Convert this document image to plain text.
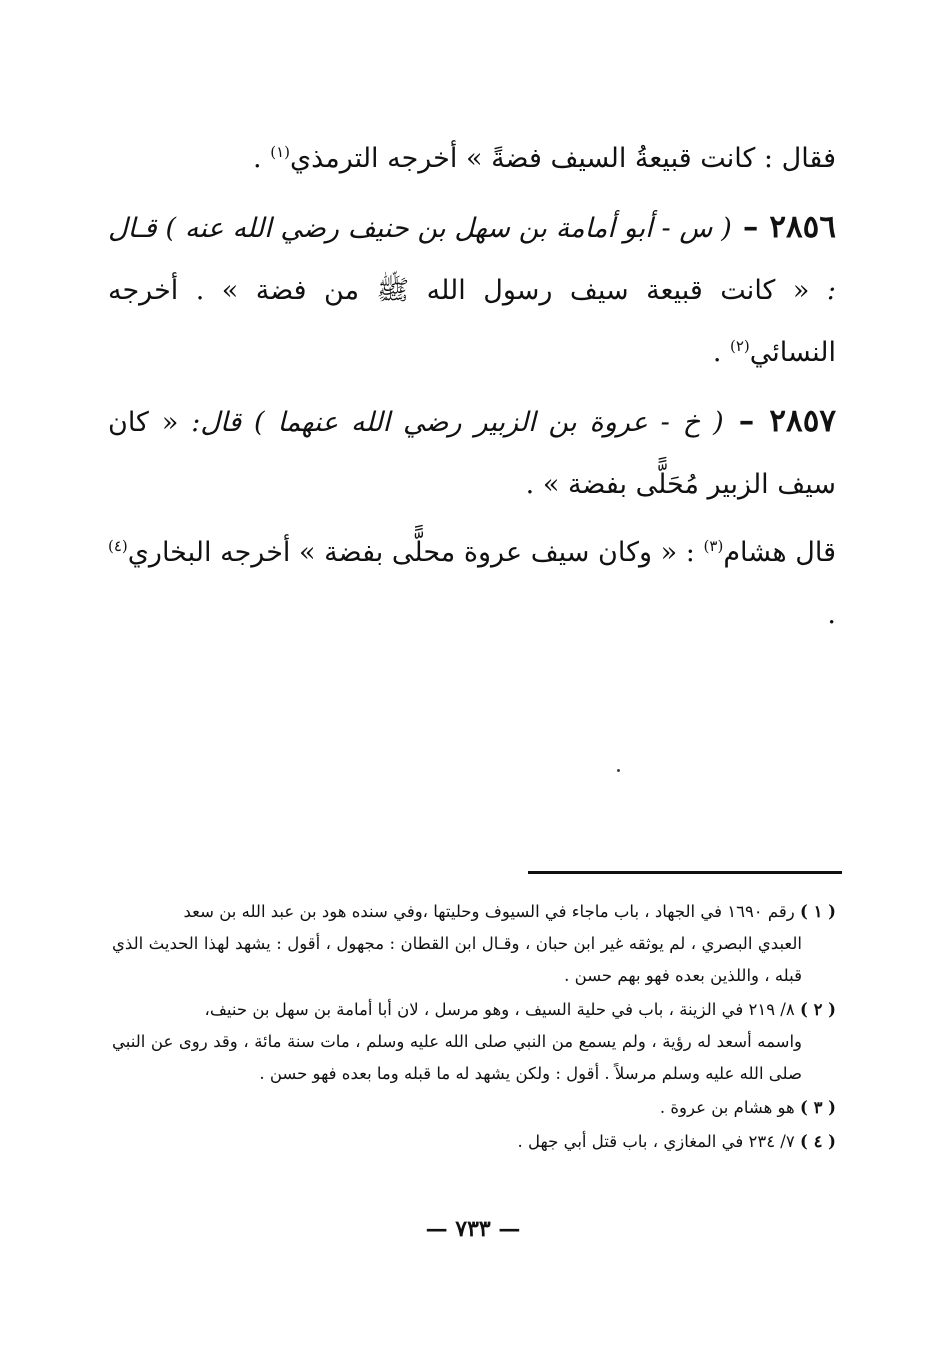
فقال : كانت قبيعةُ السيف فضةً » أخرجه الترمذي$^{(١)}$ .

٢٨٥٦ – ( س - أبو أمامة بن سهل بن حنيف رضي الله عنه ) قـال : « كانت قبيعة سيف رسول الله ﷺ من فضة » . أخرجه النسائي$^{(٢)}$ .

٢٨٥٧ – ( خ - عروة بن الزبير رضي الله عنهما ) قال: « كان سيف الزبير مُحَلًّى بفضة » .

قال هشام$^{(٣)}$ : « وكان سيف عروة محلًّى بفضة » أخرجه البخاري$^{(٤)}$ .

( ١ ) رقم ١٦٩٠ في الجهاد ، باب ماجاء في السيوف وحليتها ،وفي سنده هود بن عبد الله بن سعد
العبدي البصري ، لم يوثقه غير ابن حبان ، وقـال ابن القطان : مجهول ، أقول : يشهد لهذا الحديث الذي قبله ، واللذين بعده فهو بهم حسن .
( ٢ ) ٨/ ٢١٩ في الزينة ، باب في حلية السيف ، وهو مرسل ، لان أبا أمامة بن سهل بن حنيف،
واسمه أسعد له رؤية ، ولم يسمع من النبي صلى الله عليه وسلم ، مات سنة مائة ، وقد روى عن النبي صلى الله عليه وسلم مرسلاً . أقول : ولكن يشهد له ما قبله وما بعده فهو حسن .
( ٣ ) هو هشام بن عروة .
( ٤ ) ٧/ ٢٣٤ في المغازي ، باب قتل أبي جهل .
— ٧٣٣ —
